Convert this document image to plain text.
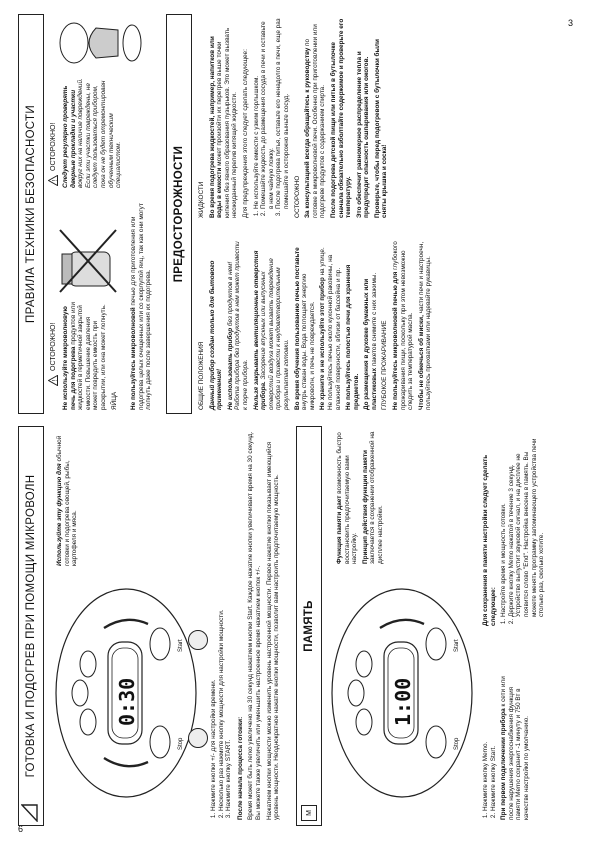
6
3
ГОТОВКА И ПОДОГРЕВ ПРИ ПОМОЩИ МИКРОВОЛН	0:30
Stop
Start

Используйте эту функцию для обычной готовки и подогрева овощей, рыбы, картофеля и мяса.

1. Нажмите кнопки +/- для настройки времени. 2. Несколько раз нажмите кнопку мощности для настройки мощности. 3. Нажмите кнопку START. После начала процесса готовки: Время может быть легко увеличено на 30 секунд нажатием кнопки Start. Каждое нажатие кнопки увеличивает время на 30 секунд. Вы можете также увеличить или уменьшить настроенное время нажатием кнопок +/-. Нажатием кнопки мощности можно изменить уровень настроенной мощности. Первое нажатие кнопки показывает имеющийся уровень мощности. Неоднократное нажатие кнопки мощности, позволит вам настроить предпочитаемую мощность.	M
ПАМЯТЬ
1:00
Stop
Start

Функция памяти дает возможность быстро восстановить предпочитаемую вами настройку. Принцип действия функции памяти заключается в сохранении отображенной на дисплее настройки.

1. Нажмите кнопку Memo. 2. Нажмите кнопку Start. При первом подключении прибора к сети или после нарушения энергоснабжения функция памяти Memo сохранит -1 минуту и 750 Вт в качестве настройки по умолчанию.

Для сохранения в памяти настройки следует сделать следующее: 1. Настройте время и мощность готовки. 2. Держите кнопку Memo нажатой в течение 3 секунд. Устройство выпустит звуковой сигнал, и на дисплее не появится слово "End". Настройка внесена в память. Вы можете менять программу запоминающего устройства печи столько раз, сколько хотите.
ПРАВИЛА ТЕХНИКИ БЕЗОПАСНОСТИ
!
ОСТОРОЖНО! Не используйте микроволновую печь для подогрева продуктов или жидкостей в герметичной закрытой емкости. Повышение давления может повредить емкость при раскрытии, или она может лопнуть. ЯЙЦА Не пользуйтесь микроволновой печью для приготовления или подогрева целых очищенных или со скорлупой яиц, так как они могут лопнуть даже после завершения их подогрева.

!
ОСТОРОЖНО! Следует регулярно проверять дверные прокладки и участки вокруг них на наличие повреждений. Если эти участки повреждены, не следует пользоваться прибором, пока он не будет отремонтирован обученным техническим специалистом.	ПРЕДОСТОРОЖНОСТИ

ОБЩИЕ ПОЛОЖЕНИЯ Данный прибор создан только для бытового применения! Не использовать прибор без продуктов в нем! Работа прибора без продуктов в нем может привести к порче прибора. Нельзя закрывать вентиляционные отверстия прибора. Засорение впускных или выпускных отверстий воздуха может вызвать повреждение прибора и привести к неудовлетворительным результатам готовки. Во время обучения пользованию печью поставьте внутрь стакан воды. Вода поглощает энергию микроволн, и печь не повреждается. Не храните и не используйте этот прибор на улице. Не пользуйтесь печью около кухонной раковины, на влажной поверхности, вблизи от бассейна и пр. Не пользуйтесь полостью печи для хранения предметов. До размещения в духовке бумажных или пластиковых пакетов снимите с них зажимы. ГЛУБОКОЕ ПРОЖАРИВАНИЕ Не пользуйтесь микроволновой печью для глубокого прожаривания пищи, поскольку при этом невозможно следить за температурой масла. Чтобы не обжечься об миски, части печи и настроечн, пользуйтесь прихватками или надевайте рукавицы.

ЖИДКОСТИ Во время подогрева жидкостей, например, напитков или воды в емкости может произойти их перегрев выше точки кипения без явного образования пузырьков. Это может вызвать неожиданный перелив кипящей жидкости. Для предупреждения этого следует сделать следующее: 1. Не используйте емкости с узким горлышком. 2. Помешайте жидкость до размещения сосуда в печи и оставьте в нем чайную ложку. 3. После подогрева питья, оставьте его ненадолго в печи, еще раз помешайте и осторожно выньте сосуд. ОСТОРОЖНО За консультацией всегда обращайтесь к руководству по готовке в микроволновой печи. Особенно при приготовлении или подогреве продуктов с содержанием спирта. После подогрева детской пищи или питья в бутылочке сначала обязательно взболтайте содержимое и проверьте его температуру. Это обеспечит равномерное распределение тепла и предупредит опасность ошпаривания или ожогов. Проверьте, чтобы перед подогревом с бутылочки были сняты крышка и соска!
